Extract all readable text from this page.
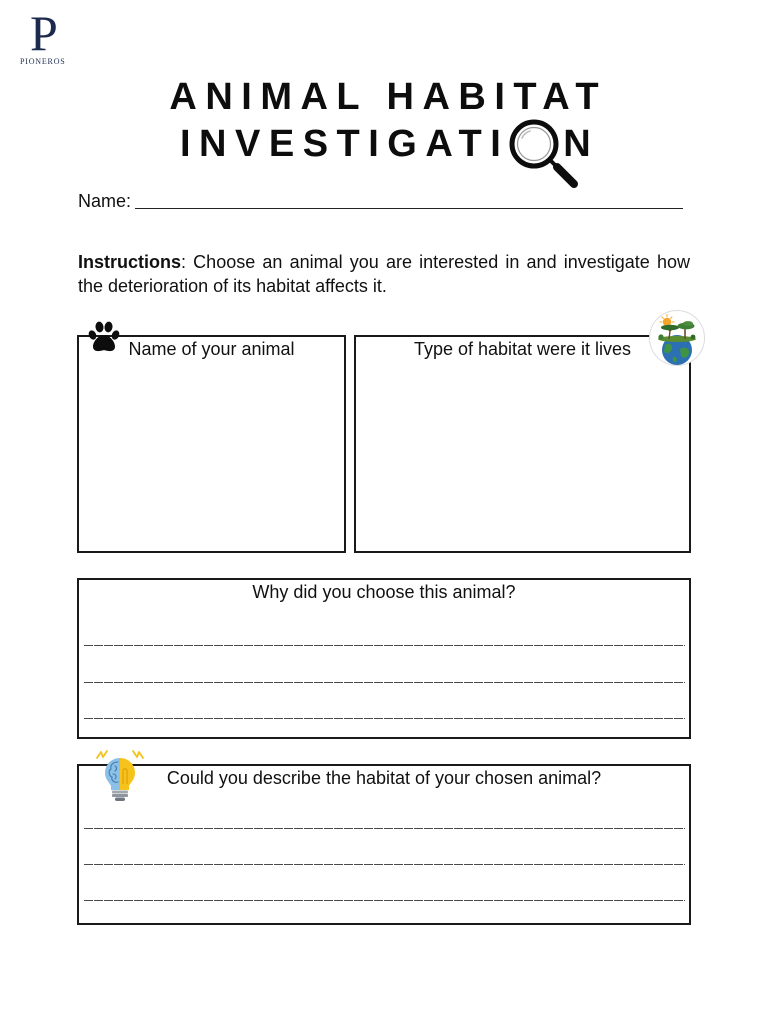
P
PIONEROS
ANIMAL HABITAT
INVESTIGATI N
Name:
Instructions: Choose an animal you are interested in and investigate how the deterioration of its habitat affects it.
Name of your animal	Type of habitat were it lives
Why did you choose this animal?
Could you describe the habitat of your chosen animal?
